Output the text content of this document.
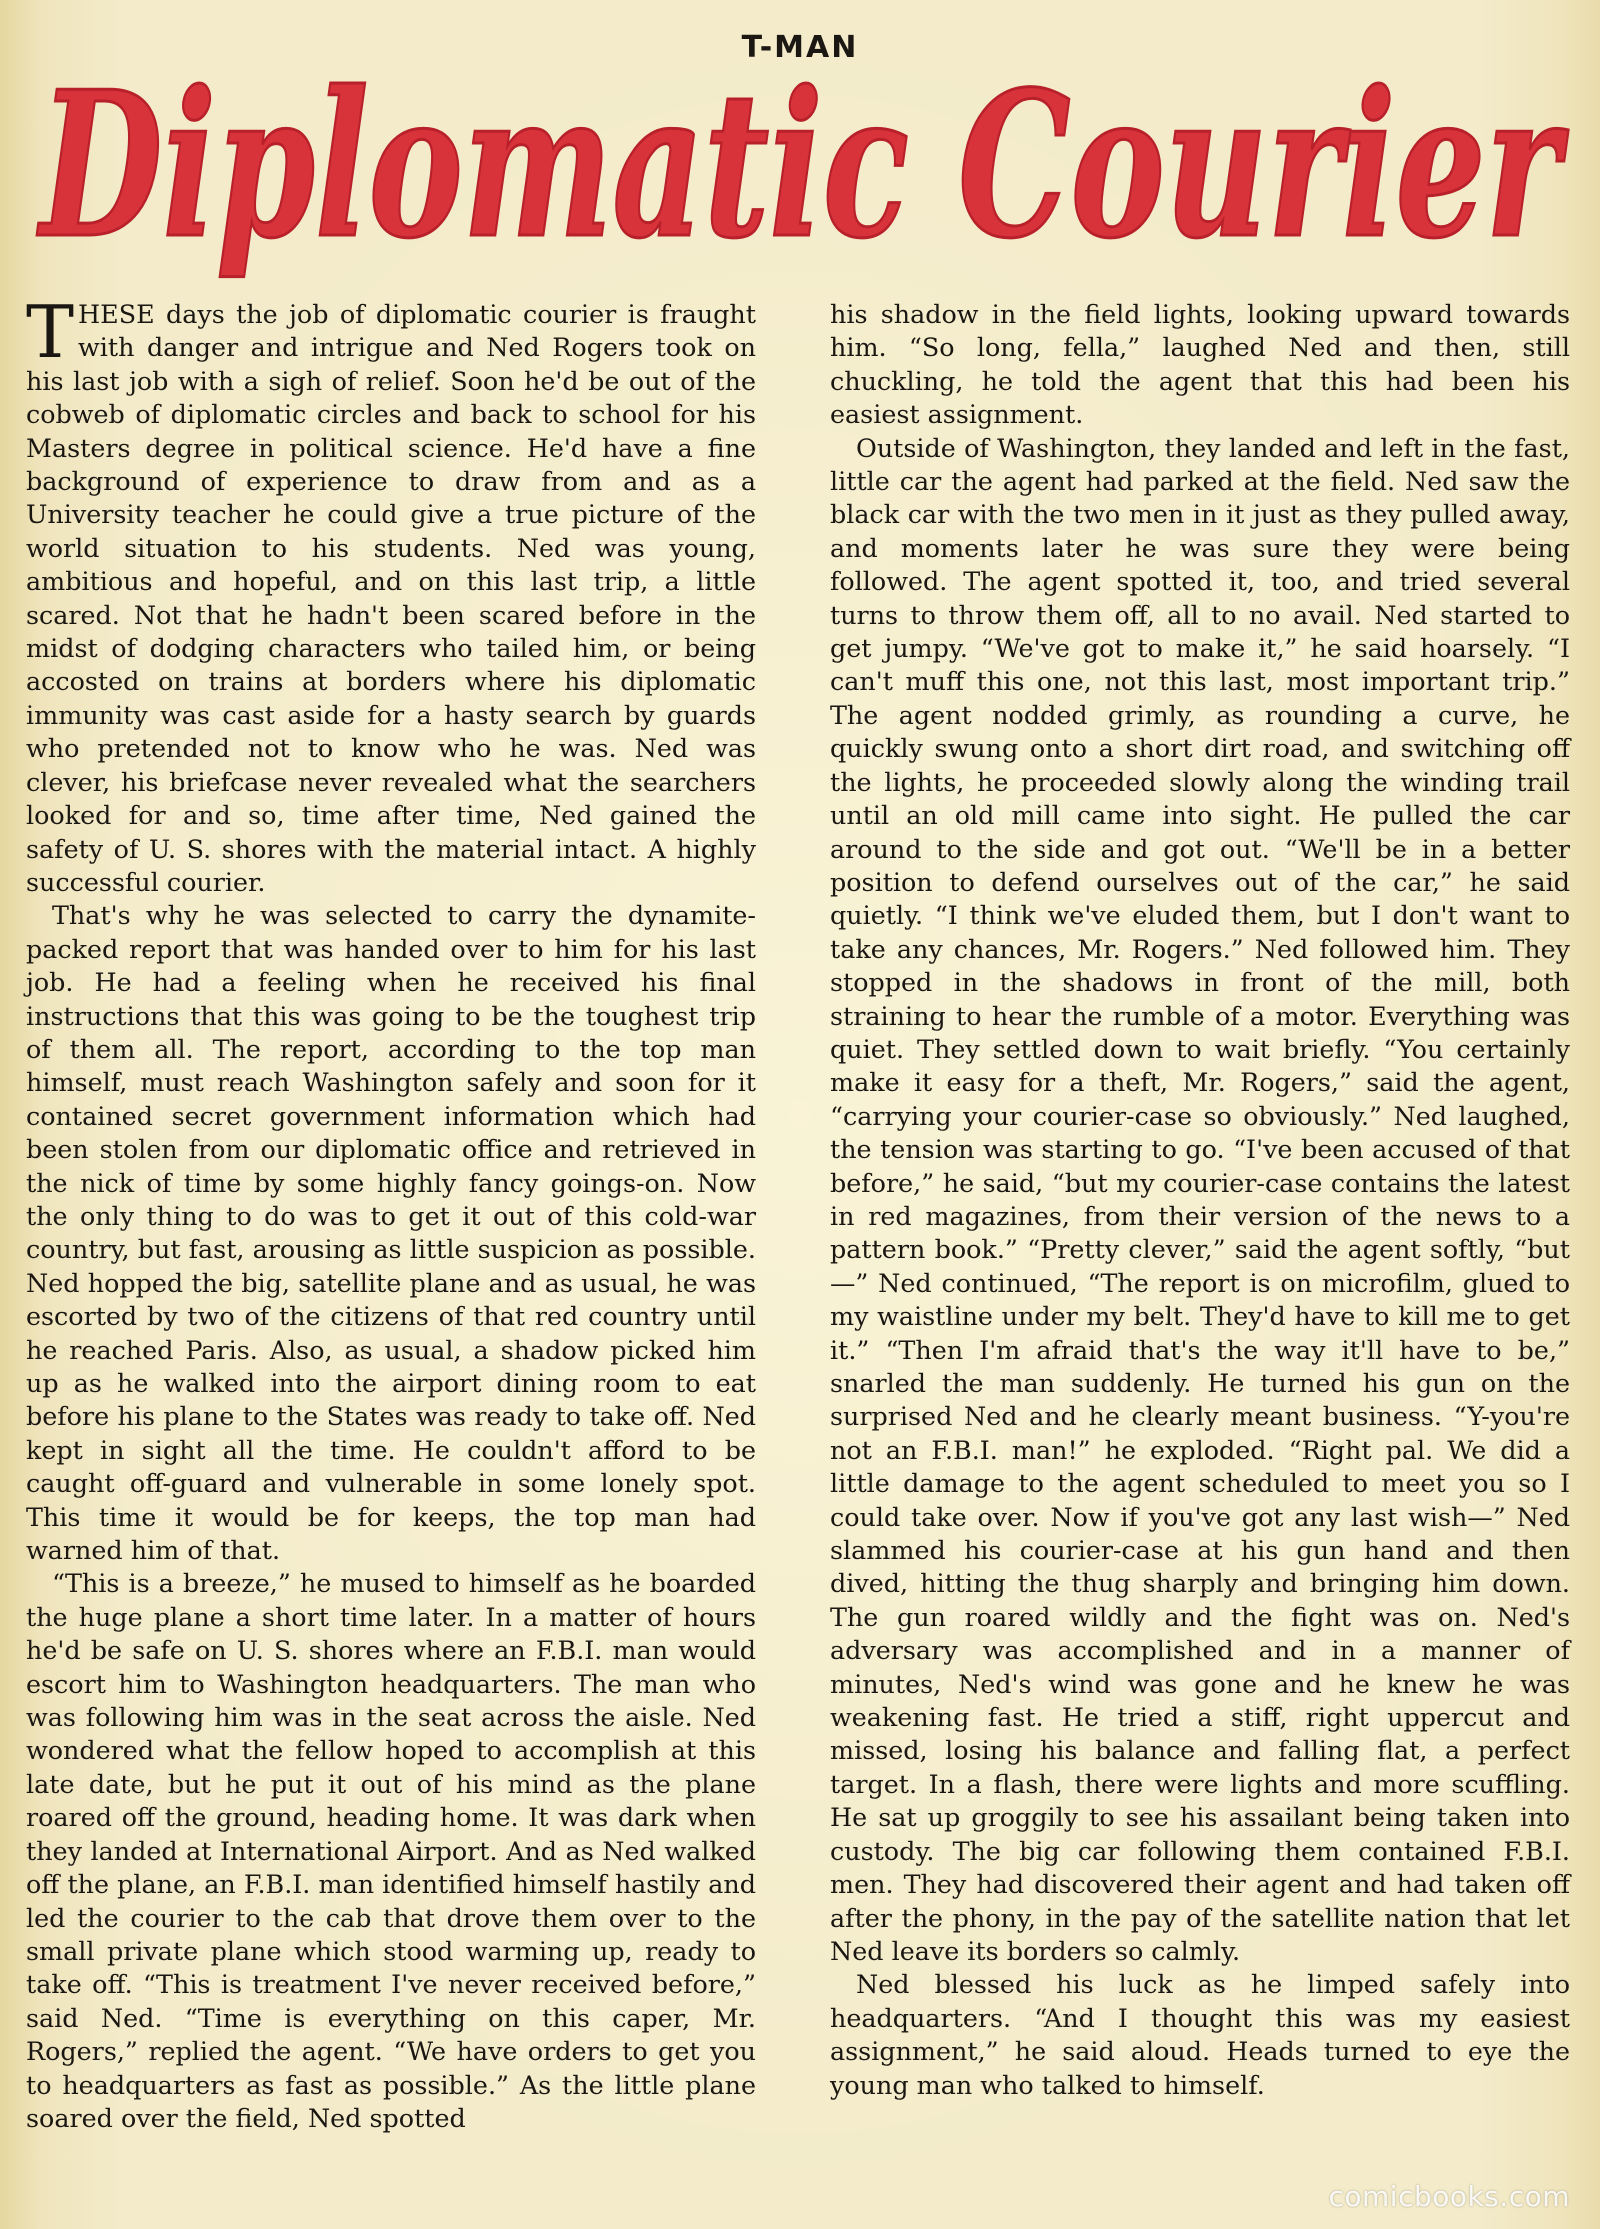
T-MAN
Diplomatic Courier

THESE days the job of diplomatic courier is fraught with danger and intrigue and Ned Rogers took on his last job with a sigh of relief. Soon he'd be out of the cobweb of diplomatic circles and back to school for his Masters degree in political science. He'd have a fine background of experience to draw from and as a University teacher he could give a true picture of the world situation to his students. Ned was young, ambitious and hopeful, and on this last trip, a little scared. Not that he hadn't been scared before in the midst of dodging characters who tailed him, or being accosted on trains at borders where his diplomatic immunity was cast aside for a hasty search by guards who pretended not to know who he was. Ned was clever, his briefcase never revealed what the searchers looked for and so, time after time, Ned gained the safety of U. S. shores with the material intact. A highly successful courier.

That's why he was selected to carry the dynamite-packed report that was handed over to him for his last job. He had a feeling when he received his final instructions that this was going to be the toughest trip of them all. The report, according to the top man himself, must reach Washington safely and soon for it contained secret government information which had been stolen from our diplomatic office and retrieved in the nick of time by some highly fancy goings-on. Now the only thing to do was to get it out of this cold-war country, but fast, arousing as little suspicion as possible. Ned hopped the big, satellite plane and as usual, he was escorted by two of the citizens of that red country until he reached Paris. Also, as usual, a shadow picked him up as he walked into the airport dining room to eat before his plane to the States was ready to take off. Ned kept in sight all the time. He couldn't afford to be caught off-guard and vulnerable in some lonely spot. This time it would be for keeps, the top man had warned him of that.

“This is a breeze,” he mused to himself as he boarded the huge plane a short time later. In a matter of hours he'd be safe on U. S. shores where an F.B.I. man would escort him to Washington headquarters. The man who was following him was in the seat across the aisle. Ned wondered what the fellow hoped to accomplish at this late date, but he put it out of his mind as the plane roared off the ground, heading home. It was dark when they landed at International Airport. And as Ned walked off the plane, an F.B.I. man identified himself hastily and led the courier to the cab that drove them over to the small private plane which stood warming up, ready to take off. “This is treatment I've never received before,” said Ned. “Time is everything on this caper, Mr. Rogers,” replied the agent. “We have orders to get you to headquarters as fast as possible.” As the little plane soared over the field, Ned spotted

his shadow in the field lights, looking upward towards him. “So long, fella,” laughed Ned and then, still chuckling, he told the agent that this had been his easiest assignment.

Outside of Washington, they landed and left in the fast, little car the agent had parked at the field. Ned saw the black car with the two men in it just as they pulled away, and moments later he was sure they were being followed. The agent spotted it, too, and tried several turns to throw them off, all to no avail. Ned started to get jumpy. “We've got to make it,” he said hoarsely. “I can't muff this one, not this last, most important trip.” The agent nodded grimly, as rounding a curve, he quickly swung onto a short dirt road, and switching off the lights, he proceeded slowly along the winding trail until an old mill came into sight. He pulled the car around to the side and got out. “We'll be in a better position to defend ourselves out of the car,” he said quietly. “I think we've eluded them, but I don't want to take any chances, Mr. Rogers.” Ned followed him. They stopped in the shadows in front of the mill, both straining to hear the rumble of a motor. Everything was quiet. They settled down to wait briefly. “You certainly make it easy for a theft, Mr. Rogers,” said the agent, “carrying your courier-case so obviously.” Ned laughed, the tension was starting to go. “I've been accused of that before,” he said, “but my courier-case contains the latest in red magazines, from their version of the news to a pattern book.” “Pretty clever,” said the agent softly, “but—” Ned continued, “The report is on microfilm, glued to my waistline under my belt. They'd have to kill me to get it.” “Then I'm afraid that's the way it'll have to be,” snarled the man suddenly. He turned his gun on the surprised Ned and he clearly meant business. “Y-you're not an F.B.I. man!” he exploded. “Right pal. We did a little damage to the agent scheduled to meet you so I could take over. Now if you've got any last wish—” Ned slammed his courier-case at his gun hand and then dived, hitting the thug sharply and bringing him down. The gun roared wildly and the fight was on. Ned's adversary was accomplished and in a manner of minutes, Ned's wind was gone and he knew he was weakening fast. He tried a stiff, right uppercut and missed, losing his balance and falling flat, a perfect target. In a flash, there were lights and more scuffling. He sat up groggily to see his assailant being taken into custody. The big car following them contained F.B.I. men. They had discovered their agent and had taken off after the phony, in the pay of the satellite nation that let Ned leave its borders so calmly.

Ned blessed his luck as he limped safely into headquarters. “And I thought this was my easiest assignment,” he said aloud. Heads turned to eye the young man who talked to himself.

comicbooks.com
